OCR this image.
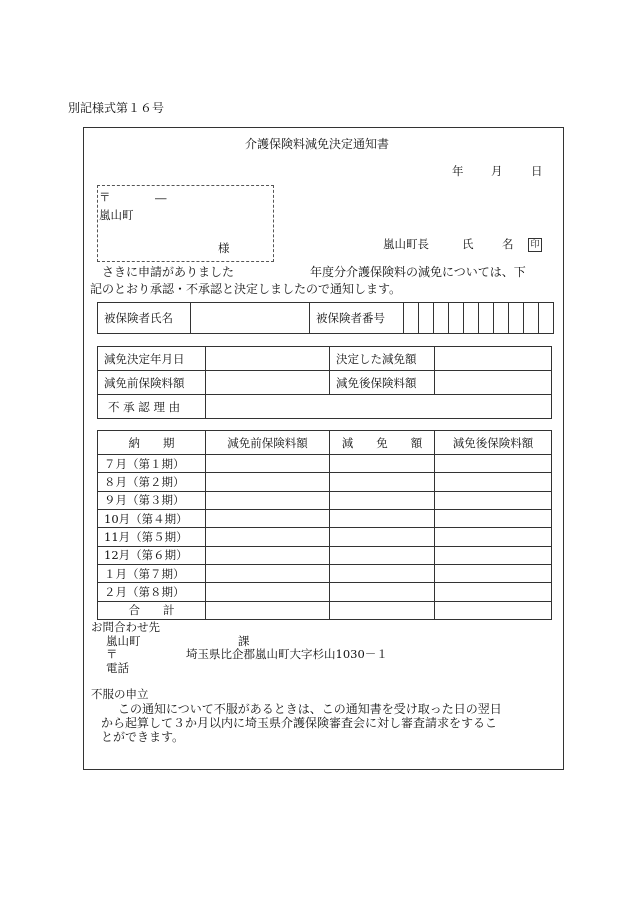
別記様式第１６号
介護保険料減免決定通知書
年 月 日
〒	―
嵐山町
様	嵐山町長	氏 名 印
さきに申請がありました	年度分介護保険料の減免については、下
記のとおり承認・不承認と決定しましたので通知します。
被保険者氏名		被保険者番号										
減免決定年月日		決定した減免額	
減免前保険料額		減免後保険料額	
不 承 認 理 由			
納　　期	減免前保険料額	減　　免　　額	減免後保険料額
７月（第１期）			
８月（第２期）			
９月（第３期）			
10月（第４期）			
11月（第５期）			
12月（第６期）			
１月（第７期）			
２月（第８期）			
合　　計			
お問合わせ先
嵐山町	課
〒	埼玉県比企郡嵐山町大字杉山1030－１
電話
不服の申立
この通知について不服があるときは、この通知書を受け取った日の翌日
から起算して３か月以内に埼玉県介護保険審査会に対し審査請求をするこ
とができます。
